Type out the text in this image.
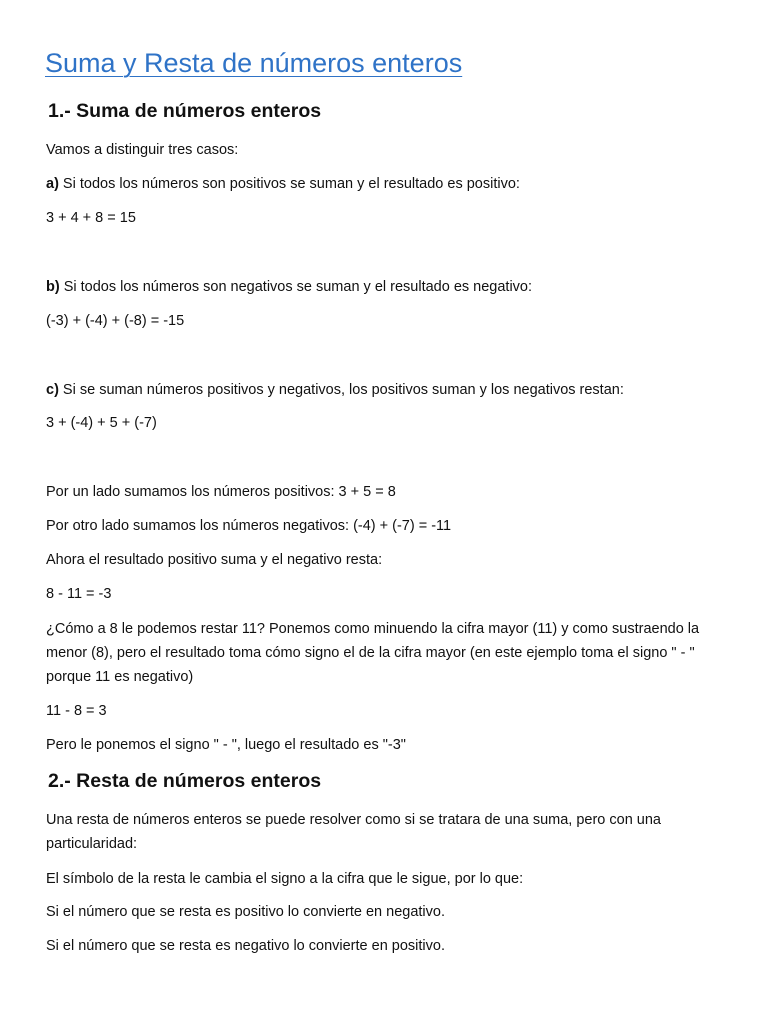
Suma y Resta de números enteros
1.- Suma de números enteros
Vamos a distinguir tres casos:
a) Si todos los números son positivos se suman y el resultado es positivo:
3 + 4 + 8 = 15
b) Si todos los números son negativos se suman y el resultado es negativo:
(-3) + (-4) + (-8) = -15
c) Si se suman números positivos y negativos, los positivos suman y los negativos restan:
3 + (-4) + 5 + (-7)
Por un lado sumamos los números positivos: 3 + 5 = 8
Por otro lado sumamos los números negativos: (-4) + (-7) = -11
Ahora el resultado positivo suma y el negativo resta:
8 - 11 = -3
¿Cómo a 8 le podemos restar 11? Ponemos como minuendo la cifra mayor (11) y como sustraendo la menor (8), pero el resultado toma cómo signo el de la cifra mayor (en este ejemplo toma el signo " - " porque 11 es negativo)
11 - 8 = 3
Pero le ponemos el signo " - ", luego el resultado es "-3"
2.- Resta de números enteros
Una resta de números enteros se puede resolver como si se tratara de una suma, pero con una particularidad:
El símbolo de la resta le cambia el signo a la cifra que le sigue, por lo que:
Si el número que se resta es positivo lo convierte en negativo.
Si el número que se resta es negativo lo convierte en positivo.
